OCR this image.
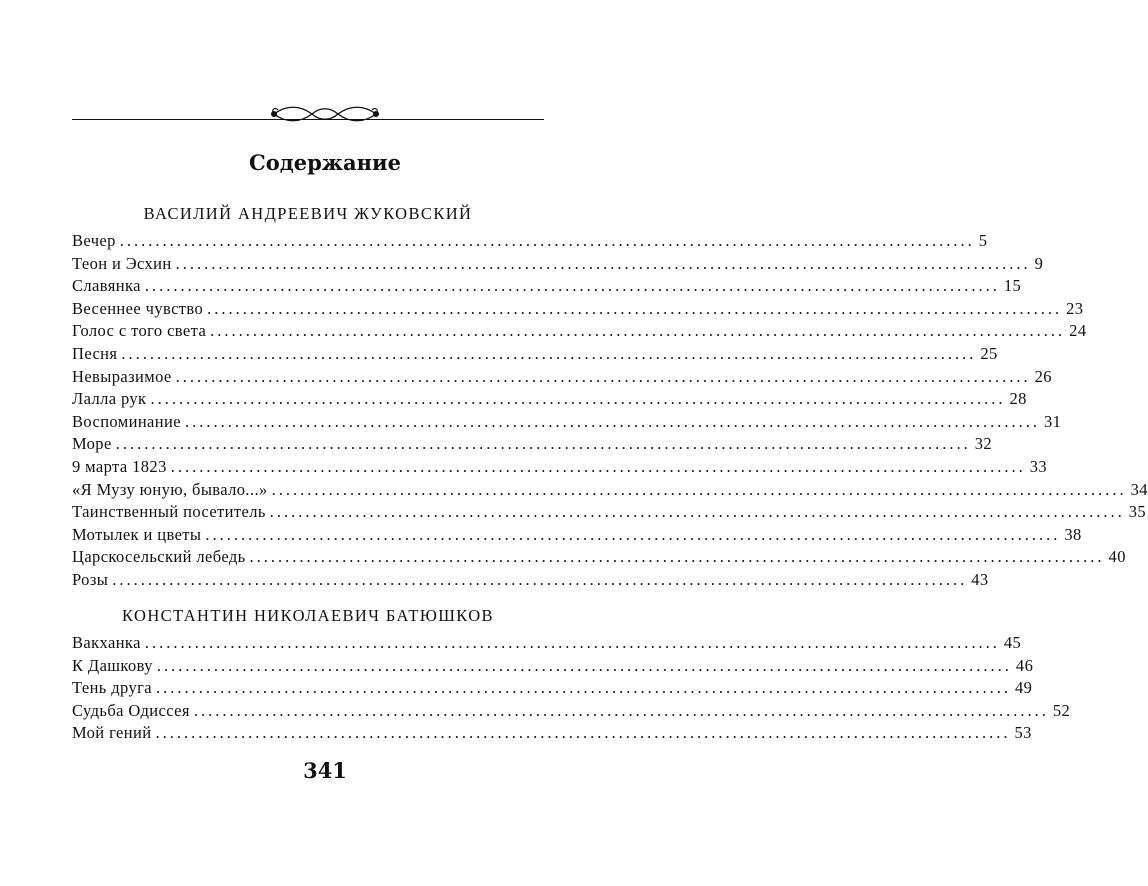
Содержание
ВАСИЛИЙ АНДРЕЕВИЧ ЖУКОВСКИЙ
Вечер ........................................................................................................................ 5
Теон и Эсхин ........................................................................................................................ 9
Славянка ........................................................................................................................ 15
Весеннее чувство ........................................................................................................................ 23
Голос с того света ........................................................................................................................ 24
Песня ........................................................................................................................ 25
Невыразимое ........................................................................................................................ 26
Лалла рук ........................................................................................................................ 28
Воспоминание ........................................................................................................................ 31
Море ........................................................................................................................ 32
9 марта 1823 ........................................................................................................................ 33
«Я Музу юную, бывало...» ........................................................................................................................ 34
Таинственный посетитель ........................................................................................................................ 35
Мотылек и цветы ........................................................................................................................ 38
Царскосельский лебедь ........................................................................................................................ 40
Розы ........................................................................................................................ 43
КОНСТАНТИН НИКОЛАЕВИЧ БАТЮШКОВ
Вакханка ........................................................................................................................ 45
К Дашкову ........................................................................................................................ 46
Тень друга ........................................................................................................................ 49
Судьба Одиссея ........................................................................................................................ 52
Мой гений ........................................................................................................................ 53
341
